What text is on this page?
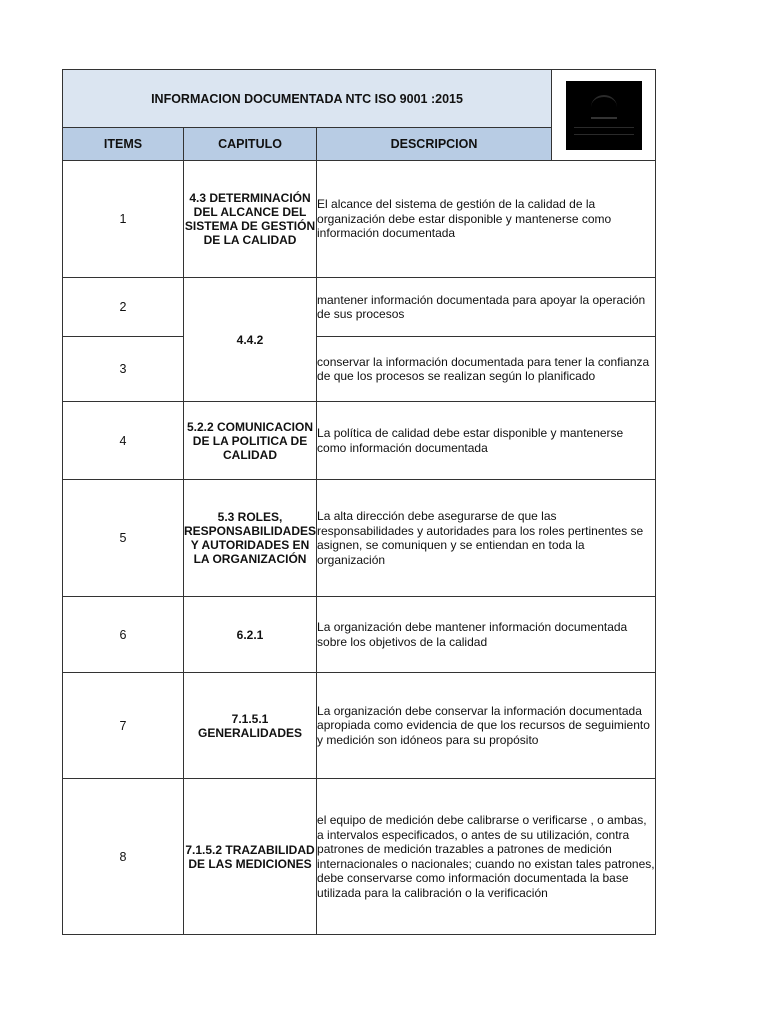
INFORMACION DOCUMENTADA NTC ISO 9001 :2015			

ITEMS	CAPITULO	DESCRIPCION	
1	4.3 DETERMINACIÓN DEL ALCANCE DEL SISTEMA DE GESTIÓN DE LA CALIDAD	El alcance del sistema de gestión de la calidad de la organización debe estar disponible y mantenerse como información documentada	
2	4.4.2	mantener información documentada para apoyar la operación de sus procesos	
3		conservar la información documentada para tener la confianza de que los procesos se realizan según lo planificado	
4	5.2.2 COMUNICACION DE LA POLITICA DE CALIDAD	La política de calidad debe estar disponible y mantenerse como información documentada	
5	5.3 ROLES, RESPONSABILIDADES Y AUTORIDADES EN LA ORGANIZACIÓN	La alta dirección debe asegurarse de que las responsabilidades y autoridades para los roles pertinentes se asignen, se comuniquen y se entiendan en toda la organización	
6	6.2.1	La organización debe mantener información documentada sobre los objetivos de la calidad	
7	7.1.5.1 GENERALIDADES	La organización debe conservar la información documentada apropiada como evidencia de que los recursos de seguimiento y medición son idóneos para su propósito	
8	7.1.5.2 TRAZABILIDAD DE LAS MEDICIONES	el equipo de medición debe calibrarse o verificarse , o ambas, a intervalos especificados, o antes de su utilización, contra patrones de medición trazables a patrones de medición internacionales o nacionales; cuando no existan tales patrones, debe conservarse como información documentada la base utilizada para la calibración o la verificación	
